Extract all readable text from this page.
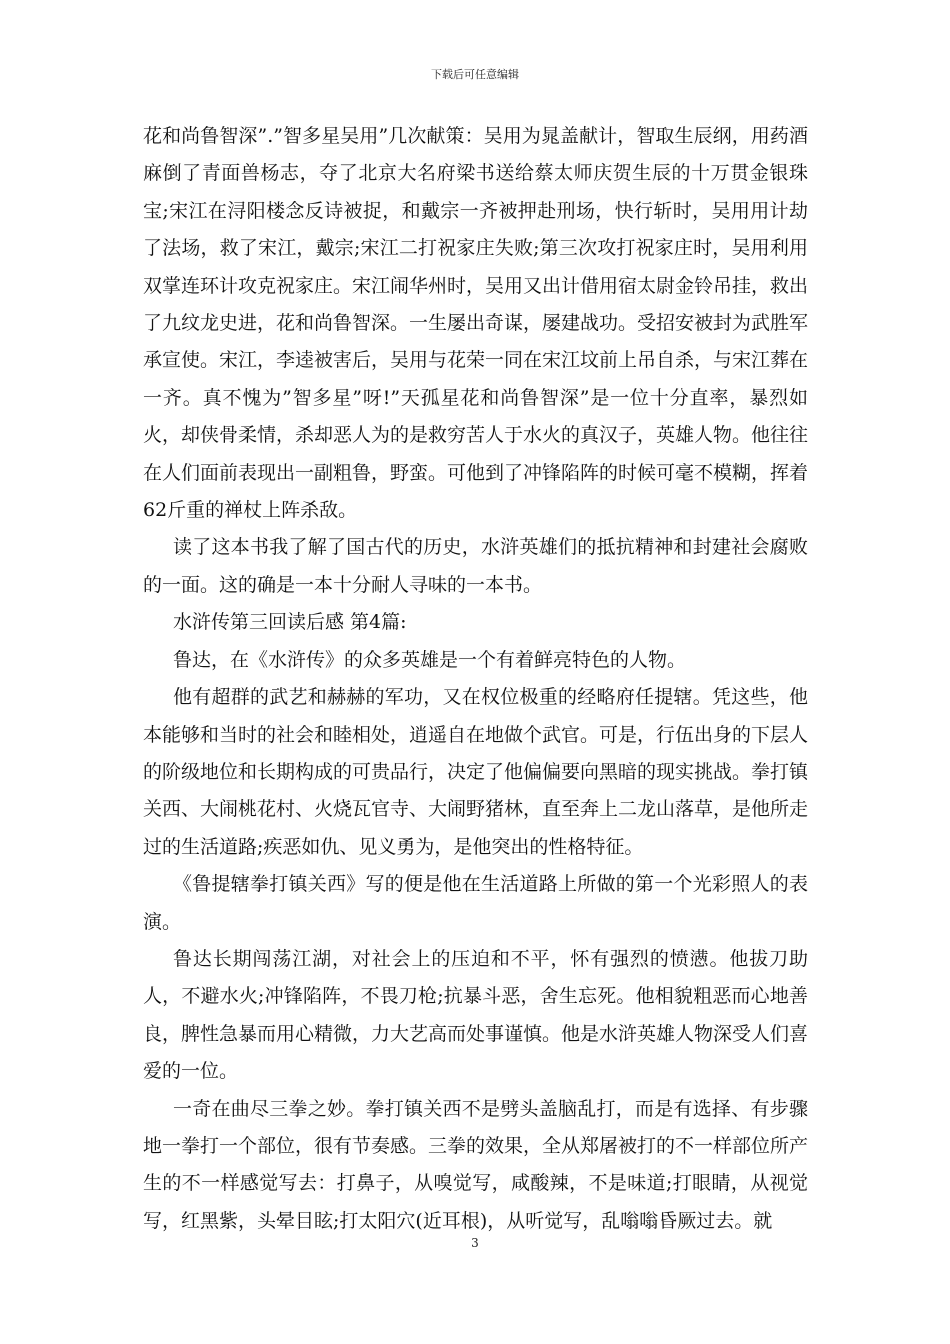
下载后可任意编辑

花和尚鲁智深”.”智多星吴用”几次献策：吴用为晁盖献计，智取生辰纲，用药酒麻倒了青面兽杨志，夺了北京大名府梁书送给蔡太师庆贺生辰的十万贯金银珠宝;宋江在浔阳楼念反诗被捉，和戴宗一齐被押赴刑场，快行斩时，吴用用计劫了法场，救了宋江，戴宗;宋江二打祝家庄失败;第三次攻打祝家庄时，吴用利用双掌连环计攻克祝家庄。宋江闹华州时，吴用又出计借用宿太尉金铃吊挂，救出了九纹龙史进，花和尚鲁智深。一生屡出奇谋，屡建战功。受招安被封为武胜军承宣使。宋江，李逵被害后，吴用与花荣一同在宋江坟前上吊自杀，与宋江葬在一齐。真不愧为”智多星”呀!”天孤星花和尚鲁智深”是一位十分直率，暴烈如火，却侠骨柔情，杀却恶人为的是救穷苦人于水火的真汉子，英雄人物。他往往在人们面前表现出一副粗鲁，野蛮。可他到了冲锋陷阵的时候可毫不模糊，挥着62斤重的禅杖上阵杀敌。

读了这本书我了解了国古代的历史，水浒英雄们的抵抗精神和封建社会腐败的一面。这的确是一本十分耐人寻味的一本书。

水浒传第三回读后感 第4篇:

鲁达，在《水浒传》的众多英雄是一个有着鲜亮特色的人物。

他有超群的武艺和赫赫的军功，又在权位极重的经略府任提辖。凭这些，他本能够和当时的社会和睦相处，逍遥自在地做个武官。可是，行伍出身的下层人的阶级地位和长期构成的可贵品行，决定了他偏偏要向黑暗的现实挑战。拳打镇关西、大闹桃花村、火烧瓦官寺、大闹野猪林，直至奔上二龙山落草，是他所走过的生活道路;疾恶如仇、见义勇为，是他突出的性格特征。

《鲁提辖拳打镇关西》写的便是他在生活道路上所做的第一个光彩照人的表演。

鲁达长期闯荡江湖，对社会上的压迫和不平，怀有强烈的愤懑。他拔刀助人，不避水火;冲锋陷阵，不畏刀枪;抗暴斗恶，舍生忘死。他相貌粗恶而心地善良，脾性急暴而用心精微，力大艺高而处事谨慎。他是水浒英雄人物深受人们喜爱的一位。

一奇在曲尽三拳之妙。拳打镇关西不是劈头盖脑乱打，而是有选择、有步骤地一拳打一个部位，很有节奏感。三拳的效果，全从郑屠被打的不一样部位所产生的不一样感觉写去：打鼻子，从嗅觉写，咸酸辣，不是味道;打眼睛，从视觉写，红黑紫，头晕目眩;打太阳穴(近耳根)，从听觉写，乱嗡嗡昏厥过去。就

3
